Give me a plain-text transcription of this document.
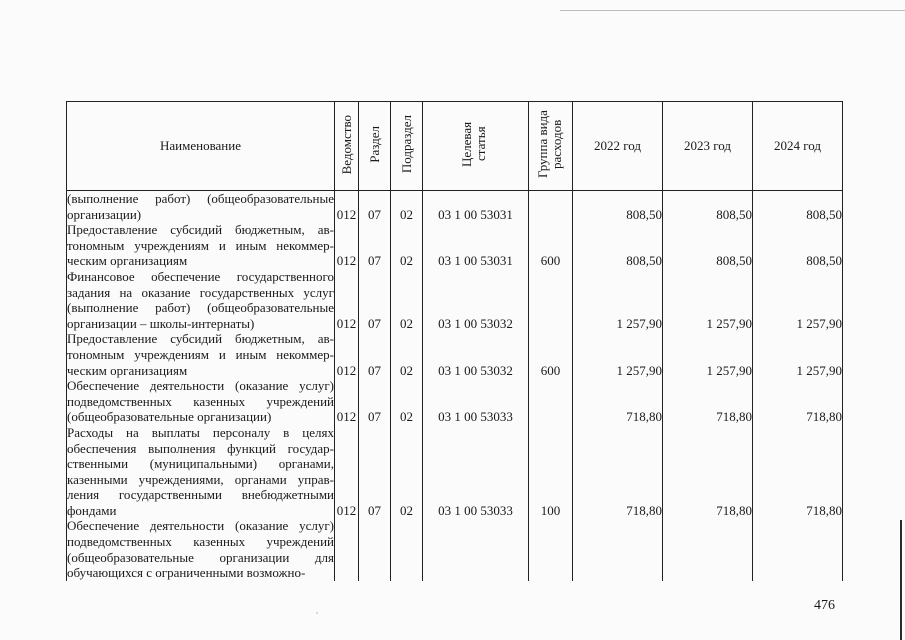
Наименование	Ведомство	Раздел	Подраздел	Целевая статья	Группа вида расходов	2022 год	2023 год	2024 год
(выполнение работ) (общеобразовательные								
организации)	012	07	02	03 1 00 53031		808,50	808,50	808,50
Предоставление субсидий бюджетным, ав-								
тономным учреждениям и иным некоммер-								
ческим организациям	012	07	02	03 1 00 53031	600	808,50	808,50	808,50
Финансовое обеспечение государственного								
задания на оказание государственных услуг								
(выполнение работ) (общеобразовательные								
организации – школы-интернаты)	012	07	02	03 1 00 53032		1 257,90	1 257,90	1 257,90
Предоставление субсидий бюджетным, ав-								
тономным учреждениям и иным некоммер-								
ческим организациям	012	07	02	03 1 00 53032	600	1 257,90	1 257,90	1 257,90
Обеспечение деятельности (оказание услуг)								
подведомственных казенных учреждений								
(общеобразовательные организации)	012	07	02	03 1 00 53033		718,80	718,80	718,80
Расходы на выплаты персоналу в целях								
обеспечения выполнения функций государ-								
ственными (муниципальными) органами,								
казенными учреждениями, органами управ-								
ления государственными внебюджетными								
фондами	012	07	02	03 1 00 53033	100	718,80	718,80	718,80
Обеспечение деятельности (оказание услуг)								
подведомственных казенных учреждений								
(общеобразовательные организации для								
обучающихся с ограниченными возможно-								
476
